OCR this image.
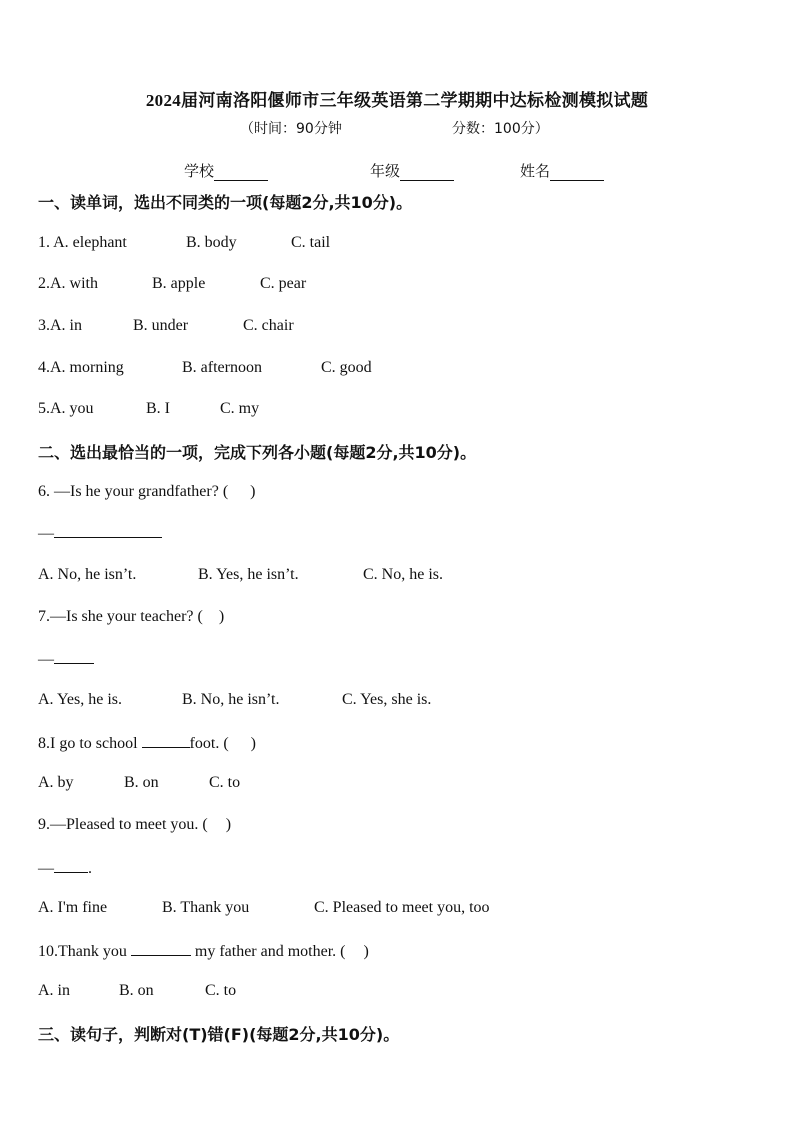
2024届河南洛阳偃师市三年级英语第二学期期中达标检测模拟试题
（时间：90分钟	分数：100分）
学校	年级	姓名
一、读单词，选出不同类的一项(每题2分,共10分)。
1. A. elephant	B. body	C. tail
2.A. with	B. apple	C. pear
3.A. in	B. under	C. chair
4.A. morning	B. afternoon	C. good
5.A. you	B. I	C. my
二、选出最恰当的一项，完成下列各小题(每题2分,共10分)。
6. —Is he your grandfather? ( )
—
A. No, he isn’t.	B. Yes, he isn’t.	C. No, he is.
7.—Is she your teacher? ( )
—
A. Yes, he is.	B. No, he isn’t.	C. Yes, she is.
8.I go to school	foot. ( )
A. by	B. on	C. to
9.—Pleased to meet you. ( )
— .
A. I'm fine	B. Thank you	C. Pleased to meet you, too
10.Thank you	my father and mother. ( )
A. in	B. on	C. to
三、读句子，判断对(T)错(F)(每题2分,共10分)。
